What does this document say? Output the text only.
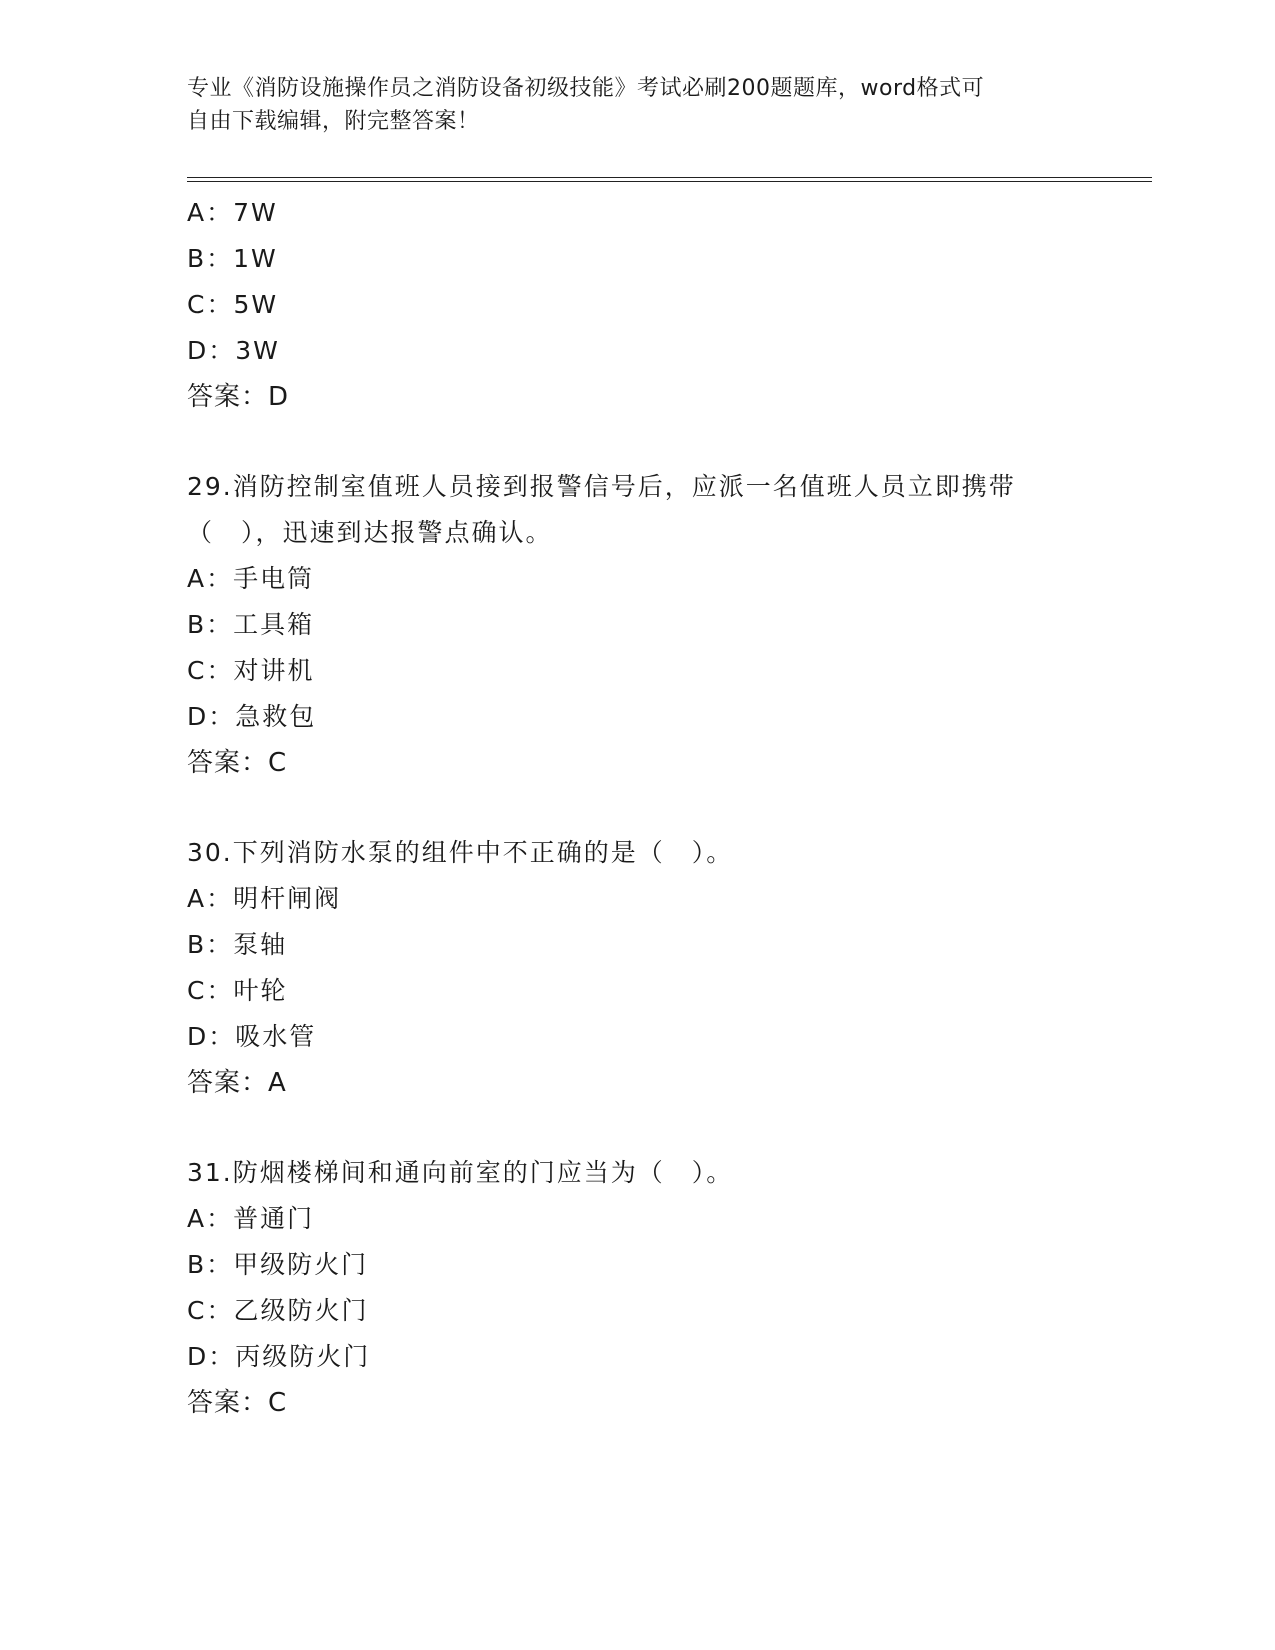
专业《消防设施操作员之消防设备初级技能》考试必刷200题题库，word格式可
自由下载编辑，附完整答案！
A：7W
B：1W
C：5W
D：3W
答案：D
29.消防控制室值班人员接到报警信号后，应派一名值班人员立即携带
（　），迅速到达报警点确认。
A：手电筒
B：工具箱
C：对讲机
D：急救包
答案：C
30.下列消防水泵的组件中不正确的是（　）。
A：明杆闸阀
B：泵轴
C：叶轮
D：吸水管
答案：A
31.防烟楼梯间和通向前室的门应当为（　）。
A：普通门
B：甲级防火门
C：乙级防火门
D：丙级防火门
答案：C
